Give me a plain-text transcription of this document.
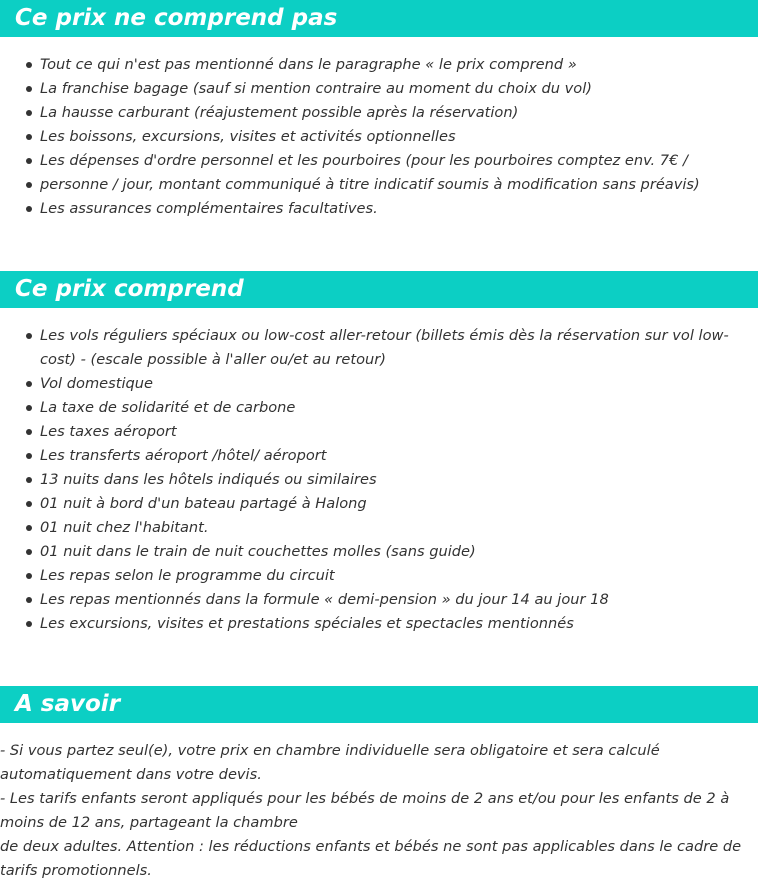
Ce prix ne comprend pas
Tout ce qui n'est pas mentionné dans le paragraphe « le prix comprend »
La franchise bagage (sauf si mention contraire au moment du choix du vol)
La hausse carburant (réajustement possible après la réservation)
Les boissons, excursions, visites et activités optionnelles
Les dépenses d'ordre personnel et les pourboires (pour les pourboires comptez env. 7€ /
personne / jour, montant communiqué à titre indicatif soumis à modification sans préavis)
Les assurances complémentaires facultatives.
Ce prix comprend
Les vols réguliers spéciaux ou low-cost aller-retour (billets émis dès la réservation sur vol low-cost) - (escale possible à l'aller ou/et au retour)
Vol domestique
La taxe de solidarité et de carbone
Les taxes aéroport
Les transferts aéroport /hôtel/ aéroport
13 nuits dans les hôtels indiqués ou similaires
01 nuit à bord d'un bateau partagé à Halong
01 nuit chez l'habitant.
01 nuit dans le train de nuit couchettes molles (sans guide)
Les repas selon le programme du circuit
Les repas mentionnés dans la formule « demi-pension » du jour 14 au jour 18
Les excursions, visites et prestations spéciales et spectacles mentionnés
A savoir

- Si vous partez seul(e), votre prix en chambre individuelle sera obligatoire et sera calculé automatiquement dans votre devis.

- Les tarifs enfants seront appliqués pour les bébés de moins de 2 ans et/ou pour les enfants de 2 à moins de 12 ans, partageant la chambre

de deux adultes. Attention : les réductions enfants et bébés ne sont pas applicables dans le cadre de tarifs promotionnels.
